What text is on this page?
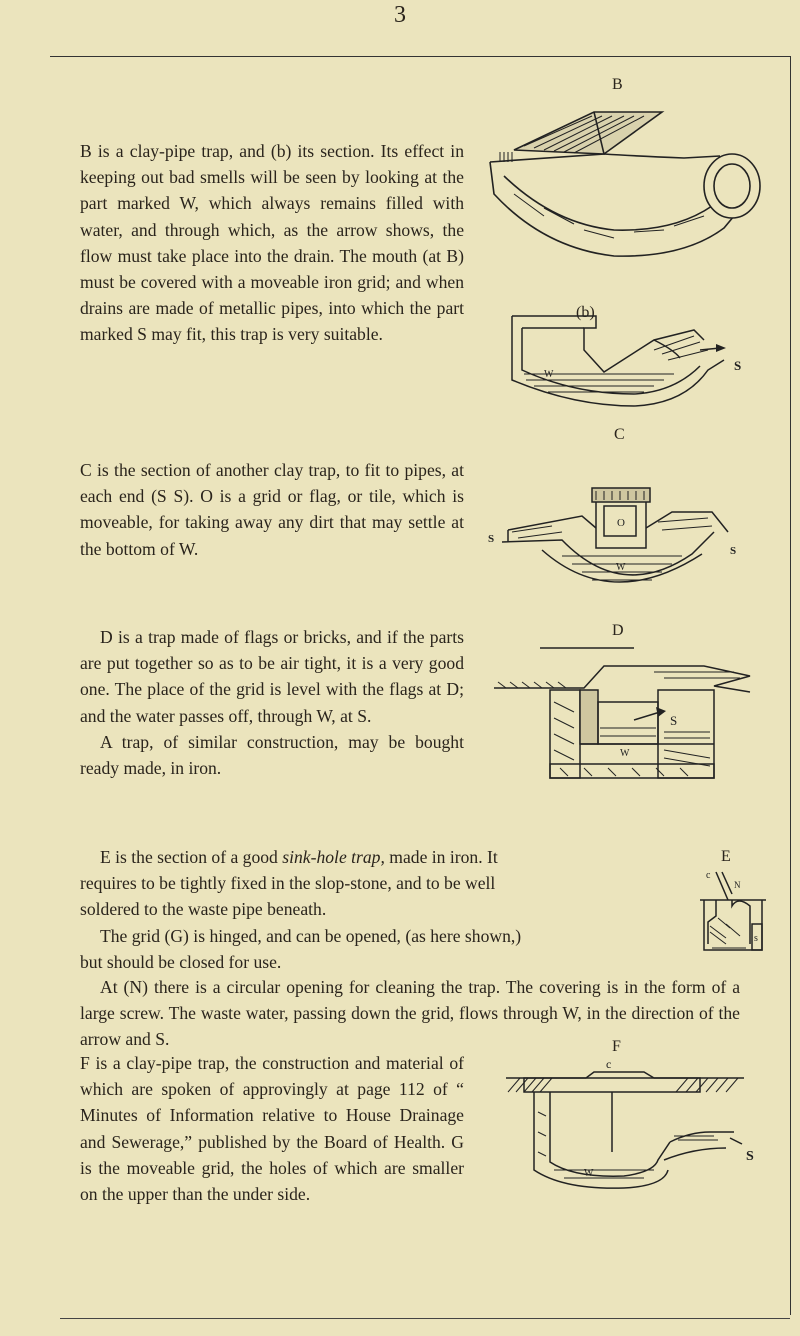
3
B is a clay-pipe trap, and (b) its section. Its effect in keeping out bad smells will be seen by looking at the part marked W, which always remains filled with water, and through which, as the arrow shows, the flow must take place into the drain. The mouth (at B) must be covered with a moveable iron grid; and when drains are made of metallic pipes, into which the part marked S may fit, this trap is very suitable.
B
(b)
W
S
C is the section of another clay trap, to fit to pipes, at each end (S S). O is a grid or flag, or tile, which is moveable, for taking away any dirt that may settle at the bottom of W.
C
O
W
S
S

D is a trap made of flags or bricks, and if the parts are put together so as to be air tight, it is a very good one. The place of the grid is level with the flags at D; and the water passes off, through W, at S.

A trap, of similar construction, may be bought ready made, in iron.

D
S
W

E is the section of a good sink-hole trap, made in iron. It

requires to be tightly fixed in the slop-stone, and to be well

soldered to the waste pipe beneath.

The grid (G) is hinged, and can be opened, (as here shown,)

but should be closed for use.

E
c
N
s

At (N) there is a circular opening for cleaning the trap. The covering is in the form of a large screw. The waste water, passing down the grid, flows through W, in the direction of the arrow and S.

F is a clay-pipe trap, the construction and material of which are spoken of approvingly at page 112 of “ Minutes of Information relative to House Drainage and Sewerage,” published by the Board of Health. G is the moveable grid, the holes of which are smaller on the upper than the under side.
F
W
c
S
